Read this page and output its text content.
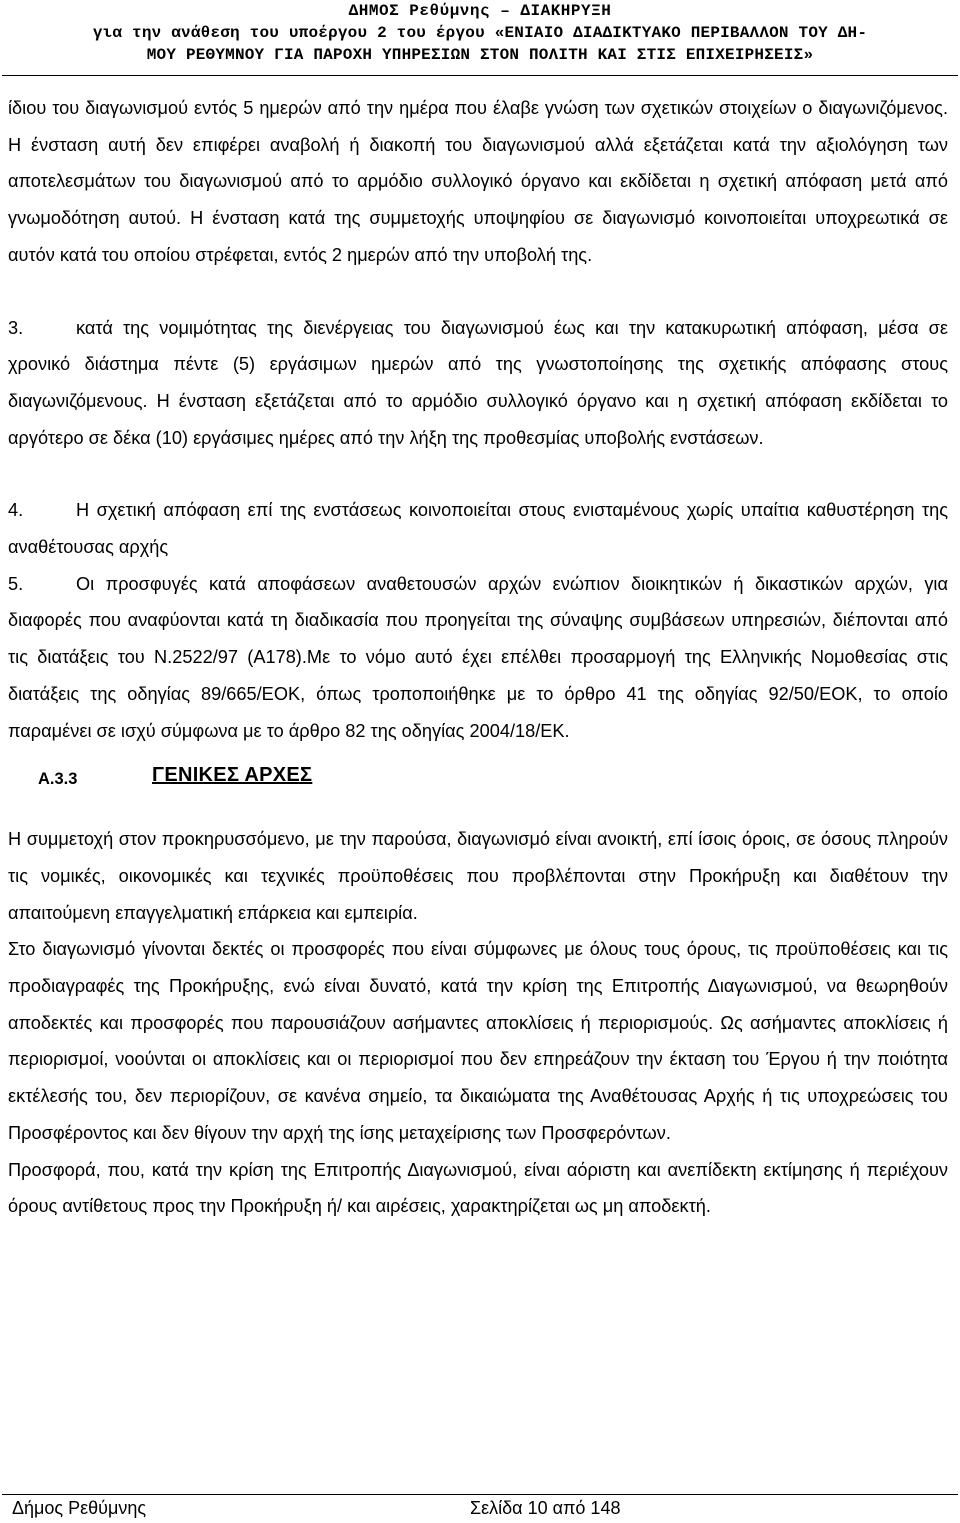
ΔΗΜΟΣ Ρεθύμνης – ΔΙΑΚΗΡΥΞΗ
για την ανάθεση του υποέργου 2 του έργου «ΕΝΙΑΙΟ ΔΙΑΔΙΚΤΥΑΚΟ ΠΕΡΙΒΑΛΛΟΝ ΤΟΥ ΔΗ-
ΜΟΥ ΡΕΘΥΜΝΟΥ ΓΙΑ ΠΑΡΟΧΗ ΥΠΗΡΕΣΙΩΝ ΣΤΟΝ ΠΟΛΙΤΗ ΚΑΙ ΣΤΙΣ ΕΠΙΧΕΙΡΗΣΕΙΣ»

ίδιου του διαγωνισμού εντός 5 ημερών από την ημέρα που έλαβε γνώση των σχετικών στοιχείων ο διαγωνιζόμενος. Η ένσταση αυτή δεν επιφέρει αναβολή ή διακοπή του διαγωνισμού αλλά εξετάζεται κατά την αξιολόγηση των αποτελεσμάτων του διαγωνισμού από το αρμόδιο συλλογικό όργανο και εκδίδεται η σχετική απόφαση μετά από γνωμοδότηση αυτού. Η ένσταση κατά της συμμετοχής υποψηφίου σε διαγωνισμό κοινοποιείται υποχρεωτικά σε αυτόν κατά του οποίου στρέφεται, εντός 2 ημερών από την υποβολή της.

3.	κατά της νομιμότητας της διενέργειας του διαγωνισμού έως και την κατακυρωτική απόφαση, μέσα σε χρονικό διάστημα πέντε (5) εργάσιμων ημερών από της γνωστοποίησης της σχετικής απόφασης στους διαγωνιζόμενους. Η ένσταση εξετάζεται από το αρμόδιο συλλογικό όργανο και η σχετική απόφαση εκδίδεται το αργότερο σε δέκα (10) εργάσιμες ημέρες από την λήξη της προθεσμίας υποβολής ενστάσεων.

4.	Η σχετική απόφαση επί της ενστάσεως κοινοποιείται στους ενισταμένους χωρίς υπαίτια καθυστέρηση της αναθέτουσας αρχής

5.	Οι προσφυγές κατά αποφάσεων αναθετουσών αρχών ενώπιον διοικητικών ή δικαστικών αρχών, για διαφορές που αναφύονται κατά τη διαδικασία που προηγείται της σύναψης συμβάσεων υπηρεσιών, διέπονται από τις διατάξεις του Ν.2522/97 (Α178).Με το νόμο αυτό έχει επέλθει προσαρμογή της Ελληνικής Νομοθεσίας στις διατάξεις της οδηγίας 89/665/ΕΟΚ, όπως τροποποιήθηκε με το όρθρο 41 της οδηγίας 92/50/ΕΟΚ, το οποίο παραμένει σε ισχύ σύμφωνα με το άρθρο 82 της οδηγίας 2004/18/ΕΚ.

Α.3.3	ΓΕΝΙΚΕΣ ΑΡΧΕΣ

Η συμμετοχή στον προκηρυσσόμενο, με την παρούσα, διαγωνισμό είναι ανοικτή, επί ίσοις όροις, σε όσους πληρούν τις νομικές, οικονομικές και τεχνικές προϋποθέσεις που προβλέπονται στην Προκήρυξη και διαθέτουν την απαιτούμενη επαγγελματική επάρκεια και εμπειρία.

Στο διαγωνισμό γίνονται δεκτές οι προσφορές που είναι σύμφωνες με όλους τους όρους, τις προϋποθέσεις και τις προδιαγραφές της Προκήρυξης, ενώ είναι δυνατό, κατά την κρίση της Επιτροπής Διαγωνισμού, να θεωρηθούν αποδεκτές και προσφορές που παρουσιάζουν ασήμαντες αποκλίσεις ή περιορισμούς. Ως ασήμαντες αποκλίσεις ή περιορισμοί, νοούνται οι αποκλίσεις και οι περιορισμοί που δεν επηρεάζουν την έκταση του Έργου ή την ποιότητα εκτέλεσής του, δεν περιορίζουν, σε κανένα σημείο, τα δικαιώματα της Αναθέτουσας Αρχής ή τις υποχρεώσεις του Προσφέροντος και δεν θίγουν την αρχή της ίσης μεταχείρισης των Προσφερόντων.

Προσφορά, που, κατά την κρίση της Επιτροπής Διαγωνισμού, είναι αόριστη και ανεπίδεκτη εκτίμησης ή περιέχουν όρους αντίθετους προς την Προκήρυξη ή/ και αιρέσεις, χαρακτηρίζεται ως μη αποδεκτή.

Δήμος Ρεθύμνης	Σελίδα 10 από 148
